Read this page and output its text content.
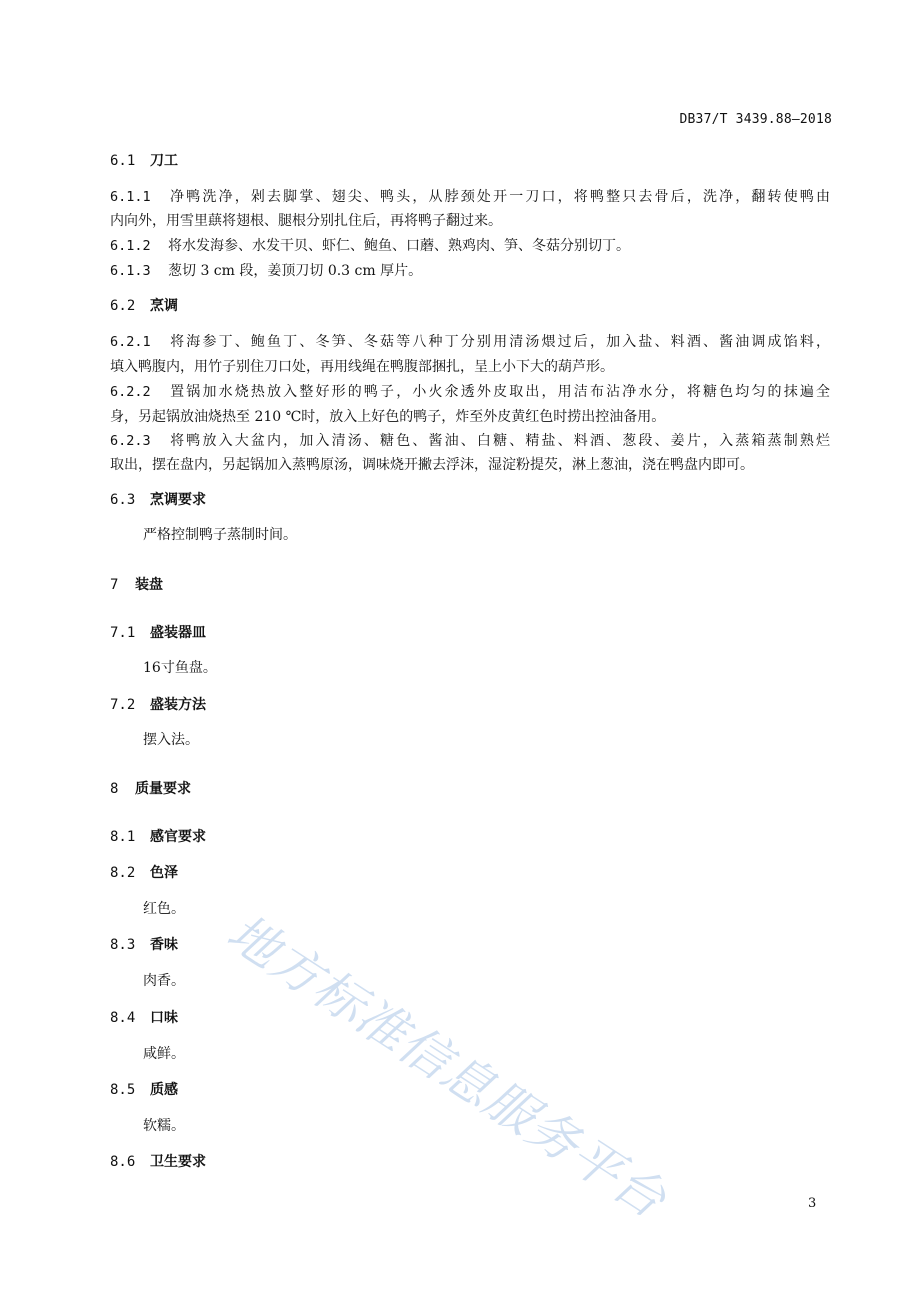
DB37/T 3439.88—2018
6.1 刀工
6.1.1 净鸭洗净，剁去脚掌、翅尖、鸭头，从脖颈处开一刀口，将鸭整只去骨后，洗净，翻转使鸭由
内向外，用雪里蕻将翅根、腿根分别扎住后，再将鸭子翻过来。
6.1.2 将水发海参、水发干贝、虾仁、鲍鱼、口蘑、熟鸡肉、笋、冬菇分别切丁。
6.1.3 葱切 3 cm 段，姜顶刀切 0.3 cm 厚片。
6.2 烹调
6.2.1 将海参丁、鲍鱼丁、冬笋、冬菇等八种丁分别用清汤煨过后，加入盐、料酒、酱油调成馅料，
填入鸭腹内，用竹子别住刀口处，再用线绳在鸭腹部捆扎，呈上小下大的葫芦形。
6.2.2 置锅加水烧热放入整好形的鸭子，小火氽透外皮取出，用洁布沾净水分，将糖色均匀的抹遍全
身，另起锅放油烧热至 210 ℃时，放入上好色的鸭子，炸至外皮黄红色时捞出控油备用。
6.2.3 将鸭放入大盆内，加入清汤、糖色、酱油、白糖、精盐、料酒、葱段、姜片，入蒸箱蒸制熟烂
取出，摆在盘内，另起锅加入蒸鸭原汤，调味烧开撇去浮沫，湿淀粉提芡，淋上葱油，浇在鸭盘内即可。
6.3 烹调要求
严格控制鸭子蒸制时间。
7 装盘
7.1 盛装器皿
16寸鱼盘。
7.2 盛装方法
摆入法。
8 质量要求
8.1 感官要求
8.2 色泽
红色。
8.3 香味
肉香。
8.4 口味
咸鲜。
8.5 质感
软糯。
8.6 卫生要求 地方标准信息服务平台	3
